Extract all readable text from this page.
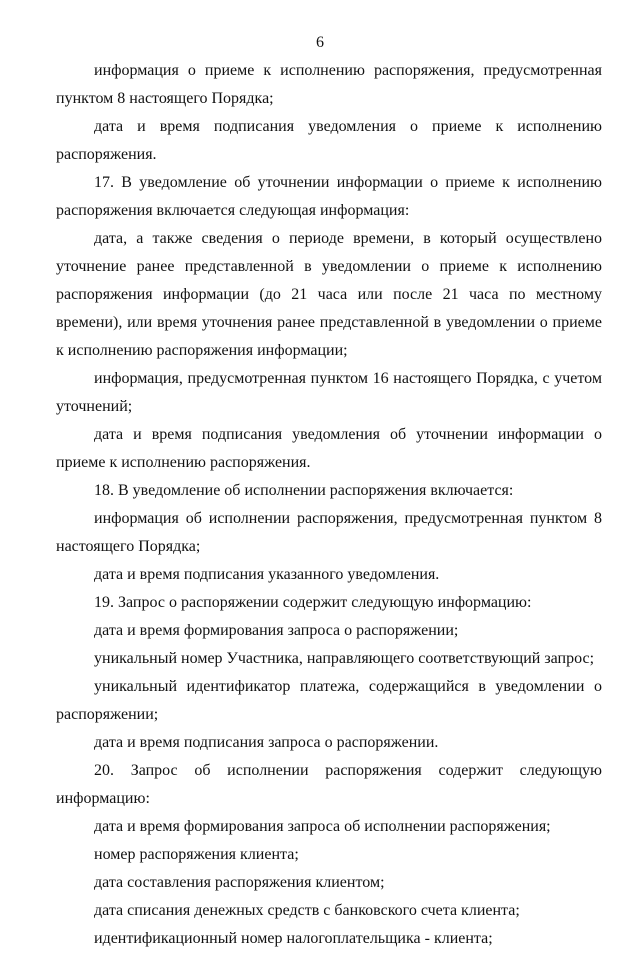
6

информация о приеме к исполнению распоряжения, предусмотренная пунктом 8 настоящего Порядка;

дата и время подписания уведомления о приеме к исполнению распоряжения.

17. В уведомление об уточнении информации о приеме к исполнению распоряжения включается следующая информация:

дата, а также сведения о периоде времени, в который осуществлено уточнение ранее представленной в уведомлении о приеме к исполнению распоряжения информации (до 21 часа или после 21 часа по местному времени), или время уточнения ранее представленной в уведомлении о приеме

к исполнению распоряжения информации;

информация, предусмотренная пунктом 16 настоящего Порядка, с учетом уточнений;

дата и время подписания уведомления об уточнении информации о приеме к исполнению распоряжения.

18. В уведомление об исполнении распоряжения включается:

информация об исполнении распоряжения, предусмотренная пунктом 8 настоящего Порядка;

дата и время подписания указанного уведомления.

19. Запрос о распоряжении содержит следующую информацию:

дата и время формирования запроса о распоряжении;

уникальный номер Участника, направляющего соответствующий запрос;

уникальный идентификатор платежа, содержащийся в уведомлении о распоряжении;

дата и время подписания запроса о распоряжении.

20. Запрос об исполнении распоряжения содержит следующую информацию:

дата и время формирования запроса об исполнении распоряжения;

номер распоряжения клиента;

дата составления распоряжения клиентом;

дата списания денежных средств с банковского счета клиента;

идентификационный номер налогоплательщика - клиента;
